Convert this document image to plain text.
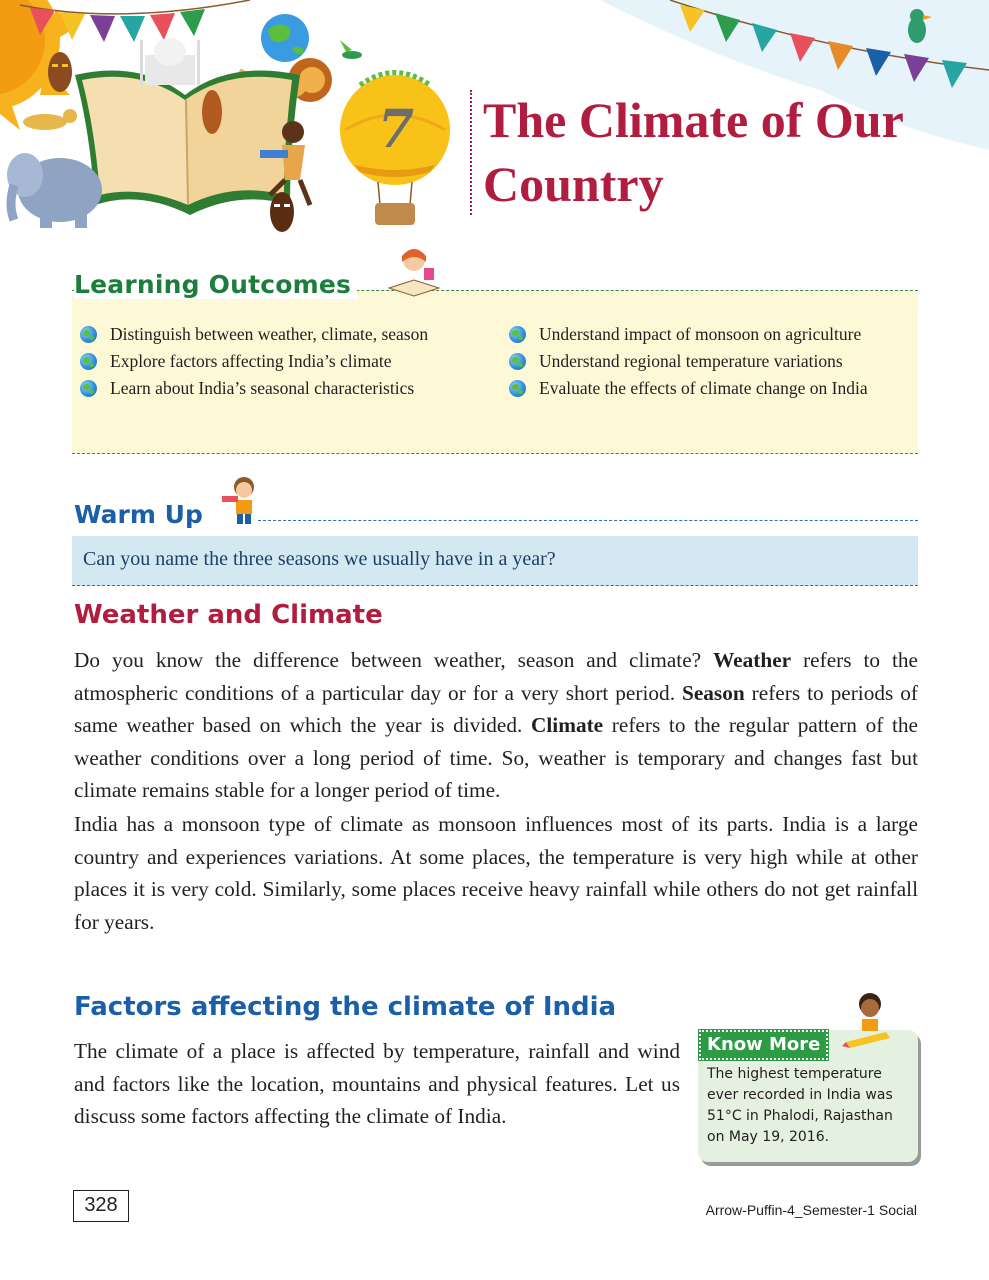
7 The Climate of Our Country
Learning Outcomes
Distinguish between weather, climate, season
Explore factors affecting India’s climate
Learn about India’s seasonal characteristics
Understand impact of monsoon on agriculture
Understand regional temperature variations
Evaluate the effects of climate change on India
Warm Up

Can you name the three seasons we usually have in a year?

Weather and Climate

Do you know the difference between weather, season and climate? Weather refers to the atmospheric conditions of a particular day or for a very short period. Season refers to periods of same weather based on which the year is divided. Climate refers to the regular pattern of the weather conditions over a long period of time. So, weather is temporary and changes fast but climate remains stable for a longer period of time.

India has a monsoon type of climate as monsoon influences most of its parts. India is a large country and experiences variations. At some places, the temperature is very high while at other places it is very cold. Similarly, some places receive heavy rainfall while others do not get rainfall for years.

Factors affecting the climate of India

The climate of a place is affected by temperature, rainfall and wind and factors like the location, mountains and physical features. Let us discuss some factors affecting the climate of India.

Know More

The highest temperature ever recorded in India was 51°C in Phalodi, Rajasthan on May 19, 2016.

328	Arrow-Puffin-4_Semester-1 Social
